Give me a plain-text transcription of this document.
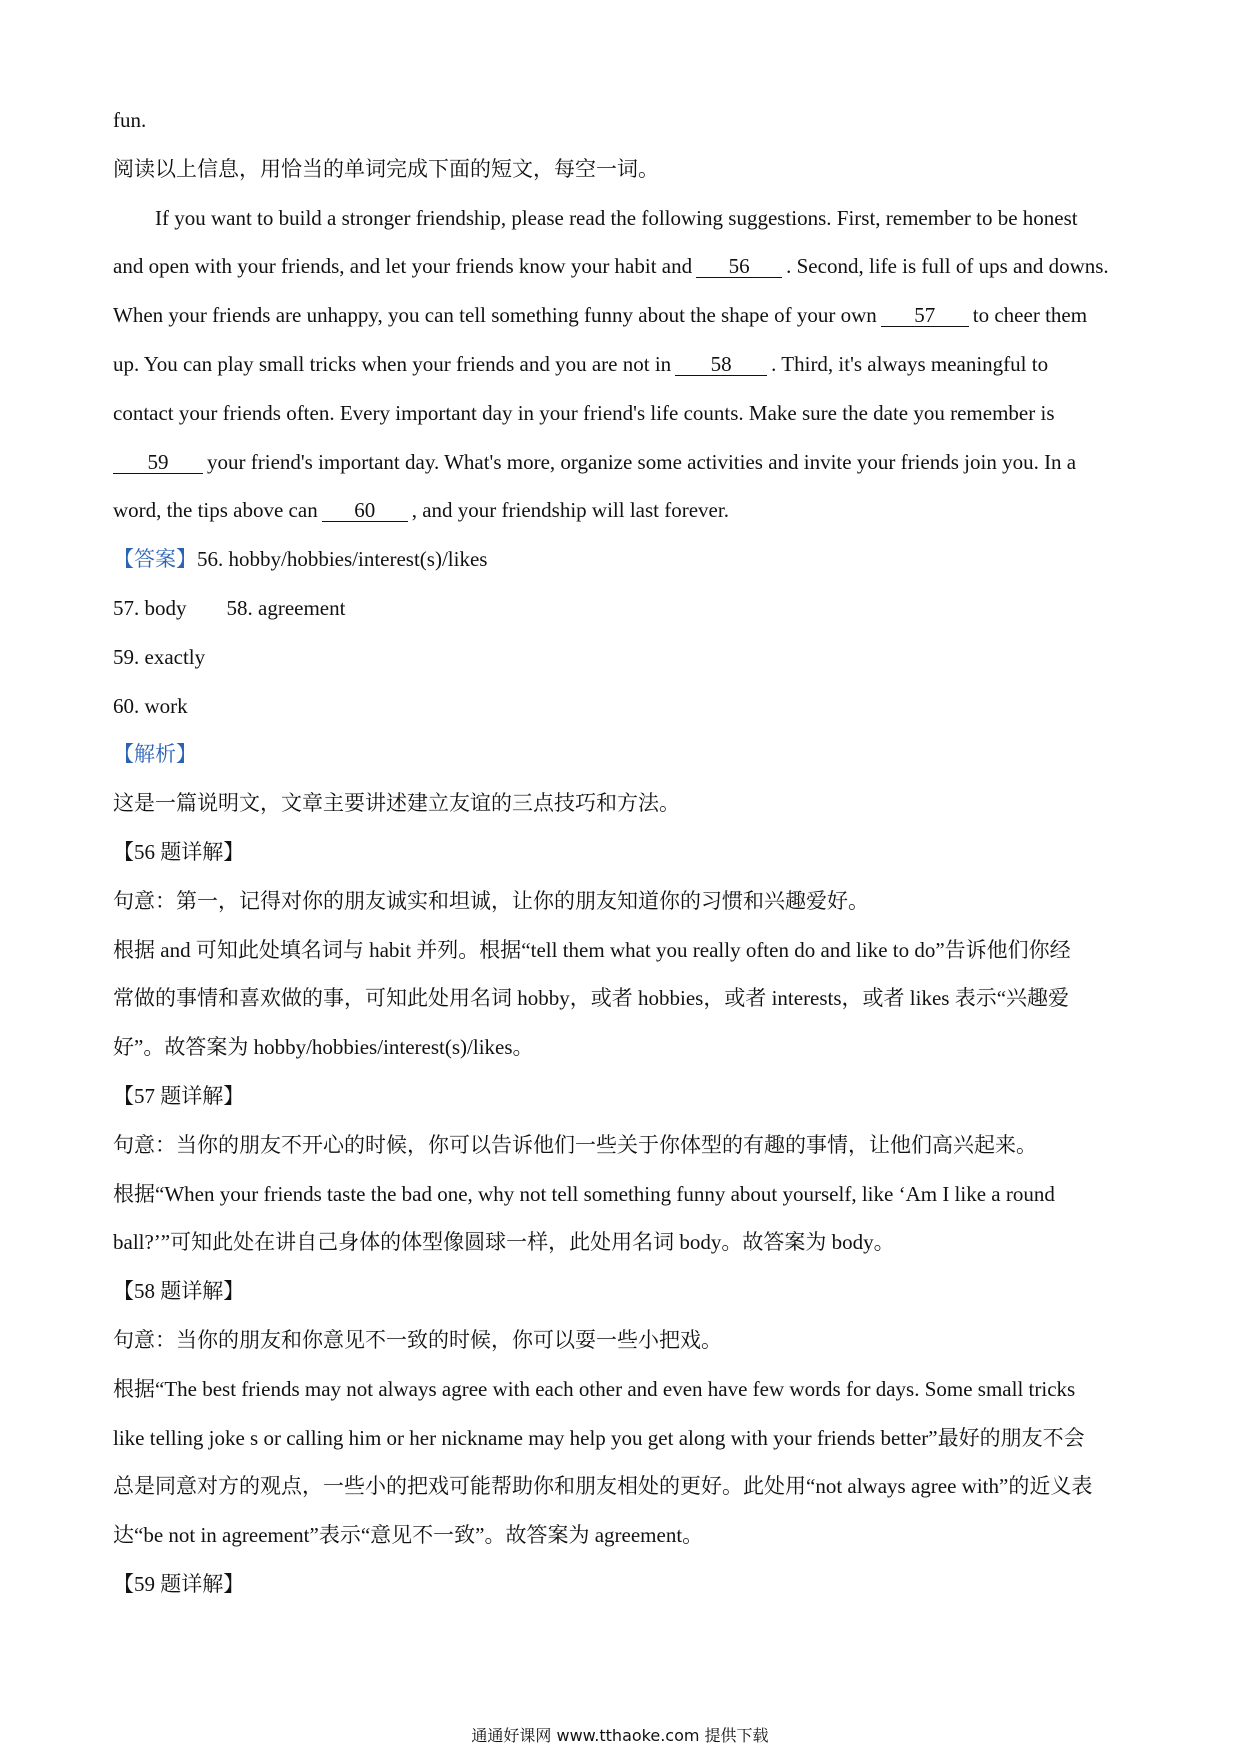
fun.
阅读以上信息，用恰当的单词完成下面的短文，每空一词。
If you want to build a stronger friendship, please read the following suggestions. First, remember to be honest
and open with your friends, and let your friends know your habit and 56 . Second, life is full of ups and downs.
When your friends are unhappy, you can tell something funny about the shape of your own 57 to cheer them
up. You can play small tricks when your friends and you are not in 58 . Third, it's always meaningful to
contact your friends often. Every important day in your friend's life counts. Make sure the date you remember is
59 your friend's important day. What's more, organize some activities and invite your friends join you. In a
word, the tips above can 60 , and your friendship will last forever.
【答案】56. hobby/hobbies/interest(s)/likes
57. body 58. agreement
59. exactly
60. work
【解析】
这是一篇说明文，文章主要讲述建立友谊的三点技巧和方法。
【56 题详解】
句意：第一，记得对你的朋友诚实和坦诚，让你的朋友知道你的习惯和兴趣爱好。
根据 and 可知此处填名词与 habit 并列。根据“tell them what you really often do and like to do”告诉他们你经
常做的事情和喜欢做的事，可知此处用名词 hobby，或者 hobbies，或者 interests，或者 likes 表示“兴趣爱
好”。故答案为 hobby/hobbies/interest(s)/likes。
【57 题详解】
句意：当你的朋友不开心的时候，你可以告诉他们一些关于你体型的有趣的事情，让他们高兴起来。
根据“When your friends taste the bad one, why not tell something funny about yourself, like ‘Am I like a round
ball?’”可知此处在讲自己身体的体型像圆球一样，此处用名词 body。故答案为 body。
【58 题详解】
句意：当你的朋友和你意见不一致的时候，你可以耍一些小把戏。
根据“The best friends may not always agree with each other and even have few words for days. Some small tricks
like telling joke s or calling him or her nickname may help you get along with your friends better”最好的朋友不会
总是同意对方的观点，一些小的把戏可能帮助你和朋友相处的更好。此处用“not always agree with”的近义表
达“be not in agreement”表示“意见不一致”。故答案为 agreement。
【59 题详解】
通通好课网 www.tthaoke.com 提供下载
